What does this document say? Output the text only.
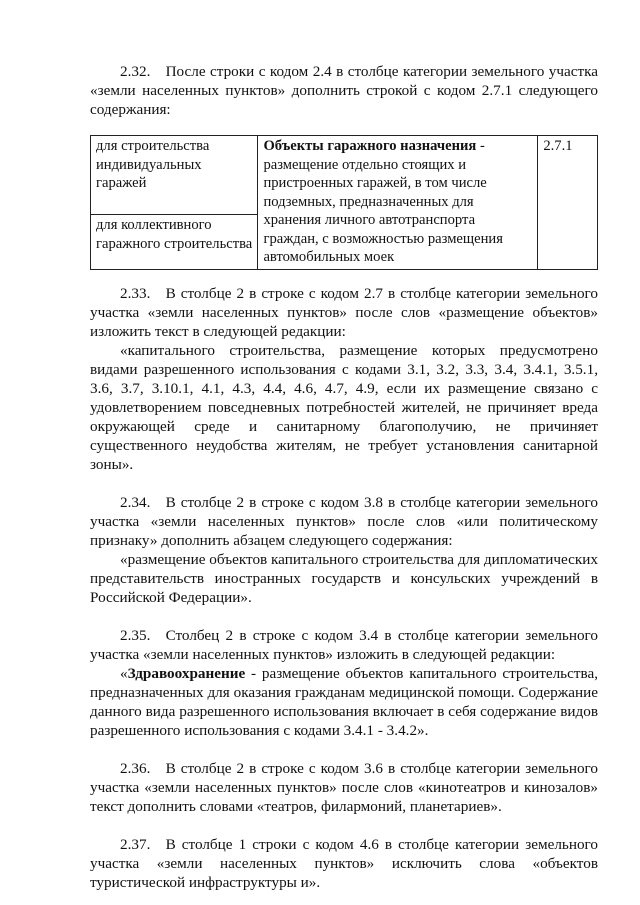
2.32. После строки с кодом 2.4 в столбце категории земельного участка «земли населенных пунктов» дополнить строкой с кодом 2.7.1 следующего содержания:

для строительства индивидуальных гаражей	Объекты гаражного назначения - размещение отдельно стоящих и пристроенных гаражей, в том числе подземных, предназначенных для хранения личного автотранспорта граждан, с возможностью размещения автомобильных моек	2.7.1
для коллективного гаражного строительства

2.33. В столбце 2 в строке с кодом 2.7 в столбце категории земельного участка «земли населенных пунктов» после слов «размещение объектов» изложить текст в следующей редакции:

«капитального строительства, размещение которых предусмотрено видами разрешенного использования с кодами 3.1, 3.2, 3.3, 3.4, 3.4.1, 3.5.1, 3.6, 3.7, 3.10.1, 4.1, 4.3, 4.4, 4.6, 4.7, 4.9, если их размещение связано с удовлетворением повседневных потребностей жителей, не причиняет вреда окружающей среде и санитарному благополучию, не причиняет существенного неудобства жителям, не требует установления санитарной зоны».

2.34. В столбце 2 в строке с кодом 3.8 в столбце категории земельного участка «земли населенных пунктов» после слов «или политическому признаку» дополнить абзацем следующего содержания:

«размещение объектов капитального строительства для дипломатических представительств иностранных государств и консульских учреждений в Российской Федерации».

2.35. Столбец 2 в строке с кодом 3.4 в столбце категории земельного участка «земли населенных пунктов» изложить в следующей редакции:

«Здравоохранение - размещение объектов капитального строительства, предназначенных для оказания гражданам медицинской помощи. Содержание данного вида разрешенного использования включает в себя содержание видов разрешенного использования с кодами 3.4.1 - 3.4.2».

2.36. В столбце 2 в строке с кодом 3.6 в столбце категории земельного участка «земли населенных пунктов» после слов «кинотеатров и кинозалов» текст дополнить словами «театров, филармоний, планетариев».

2.37. В столбце 1 строки с кодом 4.6 в столбце категории земельного участка «земли населенных пунктов» исключить слова «объектов туристической инфраструктуры и».
